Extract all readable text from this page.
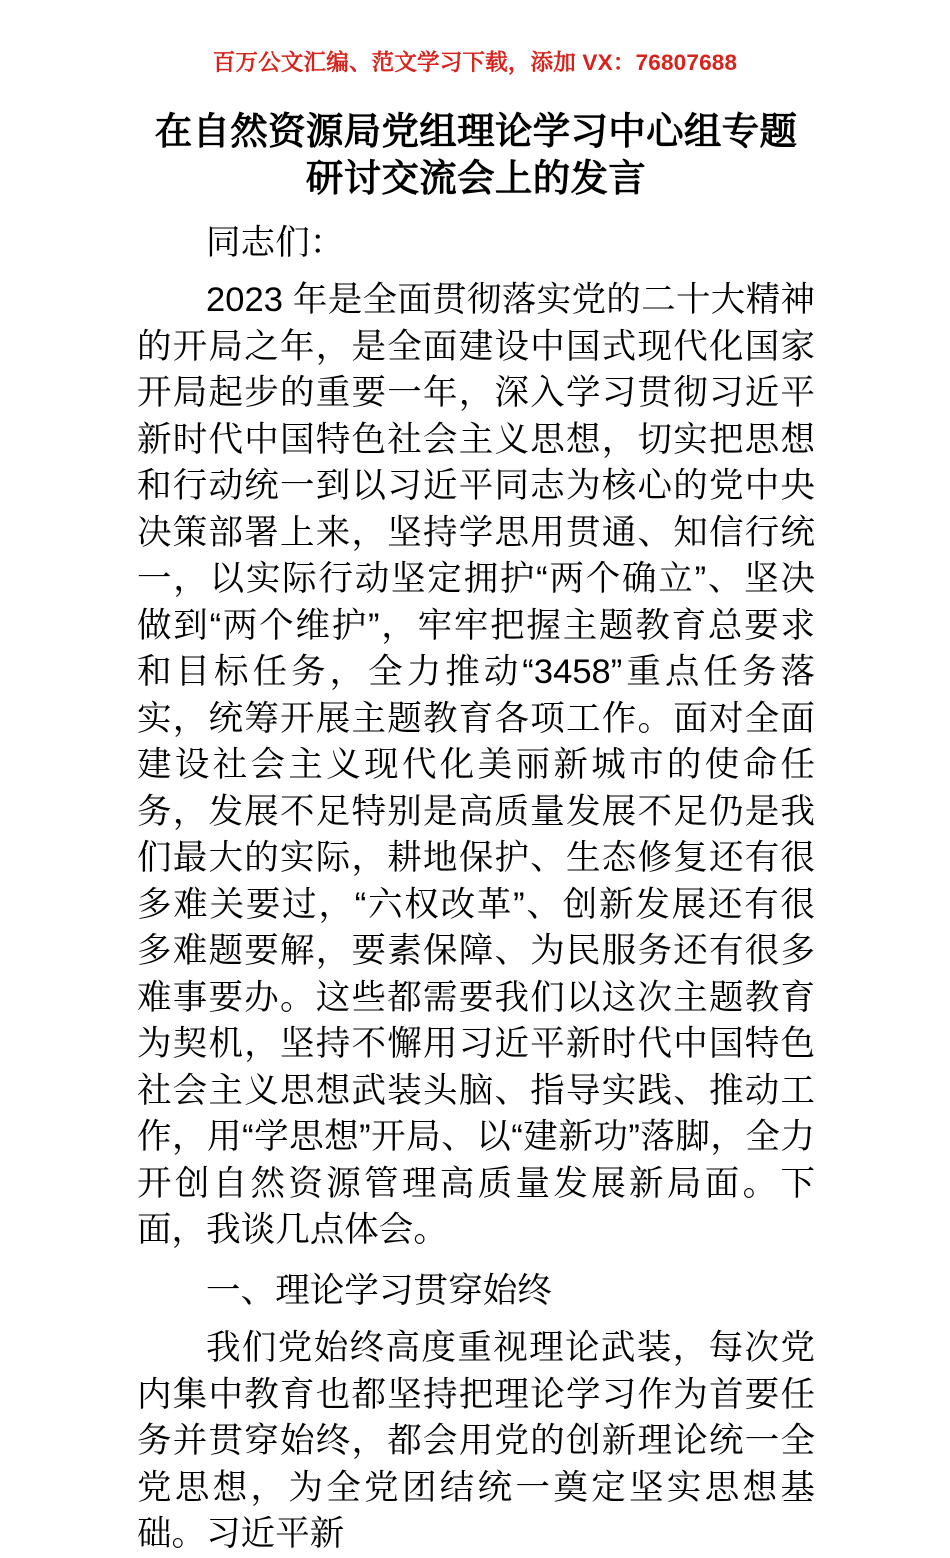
百万公文汇编、范文学习下载，添加 VX：76807688
在自然资源局党组理论学习中心组专题研讨交流会上的发言

同志们：

2023 年是全面贯彻落实党的二十大精神的开局之年，是全面建设中国式现代化国家开局起步的重要一年，深入学习贯彻习近平新时代中国特色社会主义思想，切实把思想和行动统一到以习近平同志为核心的党中央决策部署上来，坚持学思用贯通、知信行统一，以实际行动坚定拥护“两个确立”、坚决做到“两个维护”，牢牢把握主题教育总要求和目标任务，全力推动“3458”重点任务落实，统筹开展主题教育各项工作。面对全面建设社会主义现代化美丽新城市的使命任务，发展不足特别是高质量发展不足仍是我们最大的实际，耕地保护、生态修复还有很多难关要过，“六权改革”、创新发展还有很多难题要解，要素保障、为民服务还有很多难事要办。这些都需要我们以这次主题教育为契机，坚持不懈用习近平新时代中国特色社会主义思想武装头脑、指导实践、推动工作，用“学思想”开局、以“建新功”落脚，全力开创自然资源管理高质量发展新局面。下面，我谈几点体会。

一、理论学习贯穿始终

我们党始终高度重视理论武装，每次党内集中教育也都坚持把理论学习作为首要任务并贯穿始终，都会用党的创新理论统一全党思想，为全党团结统一奠定坚实思想基础。习近平新
